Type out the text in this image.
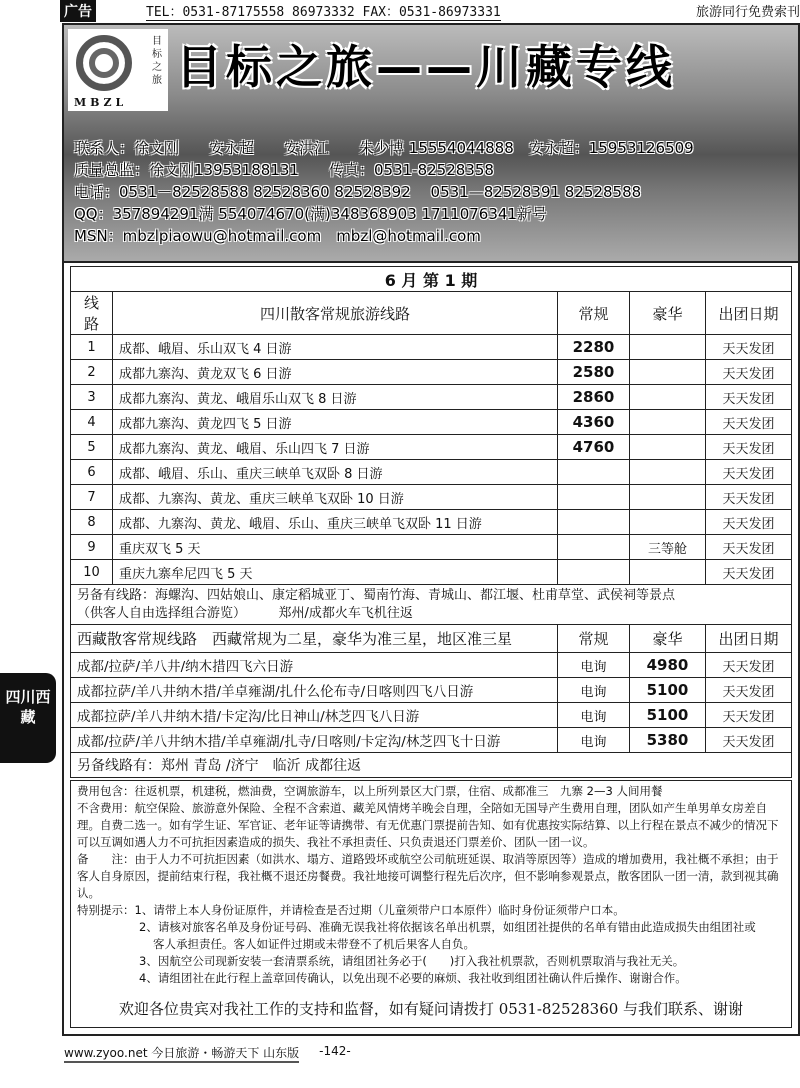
广告	TEL：0531-87175558 86973332 FAX：0531-86973331	旅游同行免费索刊
目标之旅
MBZL
目标之旅——川藏专线
联系人：徐文刚　　安永超　　安洪江　　朱少博 15554044888　安永超：15953126509
质量总监：徐文刚13953188131　　传真：0531-82528358
电话：0531－82528588 82528360 82528392　 0531—82528391 82528588
QQ：357894291满 554074670(满)348368903 1711076341新号
MSN：mbzlpiaowu@hotmail.com　mbzl@hotmail.com
6 月 第 1 期				
线路	四川散客常规旅游线路	常规	豪华	出团日期
1	成都、峨眉、乐山双飞 4 日游	2280		天天发团
2	成都九寨沟、黄龙双飞 6 日游	2580		天天发团
3	成都九寨沟、黄龙、峨眉乐山双飞 8 日游	2860		天天发团
4	成都九寨沟、黄龙四飞 5 日游	4360		天天发团
5	成都九寨沟、黄龙、峨眉、乐山四飞 7 日游	4760		天天发团
6	成都、峨眉、乐山、重庆三峡单飞双卧 8 日游			天天发团
7	成都、九寨沟、黄龙、重庆三峡单飞双卧 10 日游			天天发团
8	成都、九寨沟、黄龙、峨眉、乐山、重庆三峡单飞双卧 11 日游			天天发团
9	重庆双飞 5 天		三等舱	天天发团
10	重庆九寨牟尼四飞 5 天			天天发团

另备有线路：海螺沟、四姑娘山、康定稻城亚丁、蜀南竹海、青城山、都江堰、杜甫草堂、武侯祠等景点
（供客人自由选择组合游览）　　　郑州/成都火车飞机往返				

西藏散客常规线路　西藏常规为二星，豪华为准三星，地区准三星		常规	豪华	出团日期
成都/拉萨/羊八井/纳木措四飞六日游		电询	4980	天天发团
成都拉萨/羊八井纳木措/羊卓雍湖/扎什么伦布寺/日喀则四飞八日游		电询	5100	天天发团
成都拉萨/羊八井纳木措/卡定沟/比日神山/林芝四飞八日游		电询	5100	天天发团
成都/拉萨/羊八井纳木措/羊卓雍湖/扎寺/日喀则/卡定沟/林芝四飞十日游		电询	5380	天天发团
另备线路有：郑州 青岛 /济宁　临沂 成都往返				
费用包含：往返机票，机建税，燃油费，空调旅游车，以上所列景区大门票，住宿、成都准三　九寨 2—3 人间用餐
不含费用：航空保险、旅游意外保险、全程不含索道、藏羌风情烤羊晚会自理，全陪如无国导产生费用自理，团队如产生单男单女房差自理。自费二选一。如有学生证、军官证、老年证等请携带、有无优惠门票提前告知、如有优惠按实际结算、以上行程在景点不减少的情况下可以互调如遇人力不可抗拒因素造成的损失、我社不承担责任、只负责退还门票差价、团队一团一议。
备　　注：由于人力不可抗拒因素（如洪水、塌方、道路毁坏或航空公司航班延误、取消等原因等）造成的增加费用，我社概不承担；由于客人自身原因，提前结束行程，我社概不退还房餐费。我社地接可调整行程先后次序，但不影响参观景点，散客团队一团一清，款到视其确认。
特别提示：1、请带上本人身份证原件，并请检查是否过期（儿童须带户口本原件）临时身份证须带户口本。
2、请核对旅客名单及身份证号码、准确无误我社将依据该名单出机票，如组团社提供的名单有错由此造成损失由组团社或
客人承担责任。客人如证件过期或未带登不了机后果客人自负。
3、因航空公司现新安装一套清票系统，请组团社务必于(　　)打入我社机票款，否则机票取消与我社无关。
4、请组团社在此行程上盖章回传确认，以免出现不必要的麻烦、我社收到组团社确认件后操作、谢谢合作。
欢迎各位贵宾对我社工作的支持和监督，如有疑问请拨打 0531-82528360 与我们联系、谢谢
www.zyoo.net 今日旅游・畅游天下 山东版 -142-
四川西藏
